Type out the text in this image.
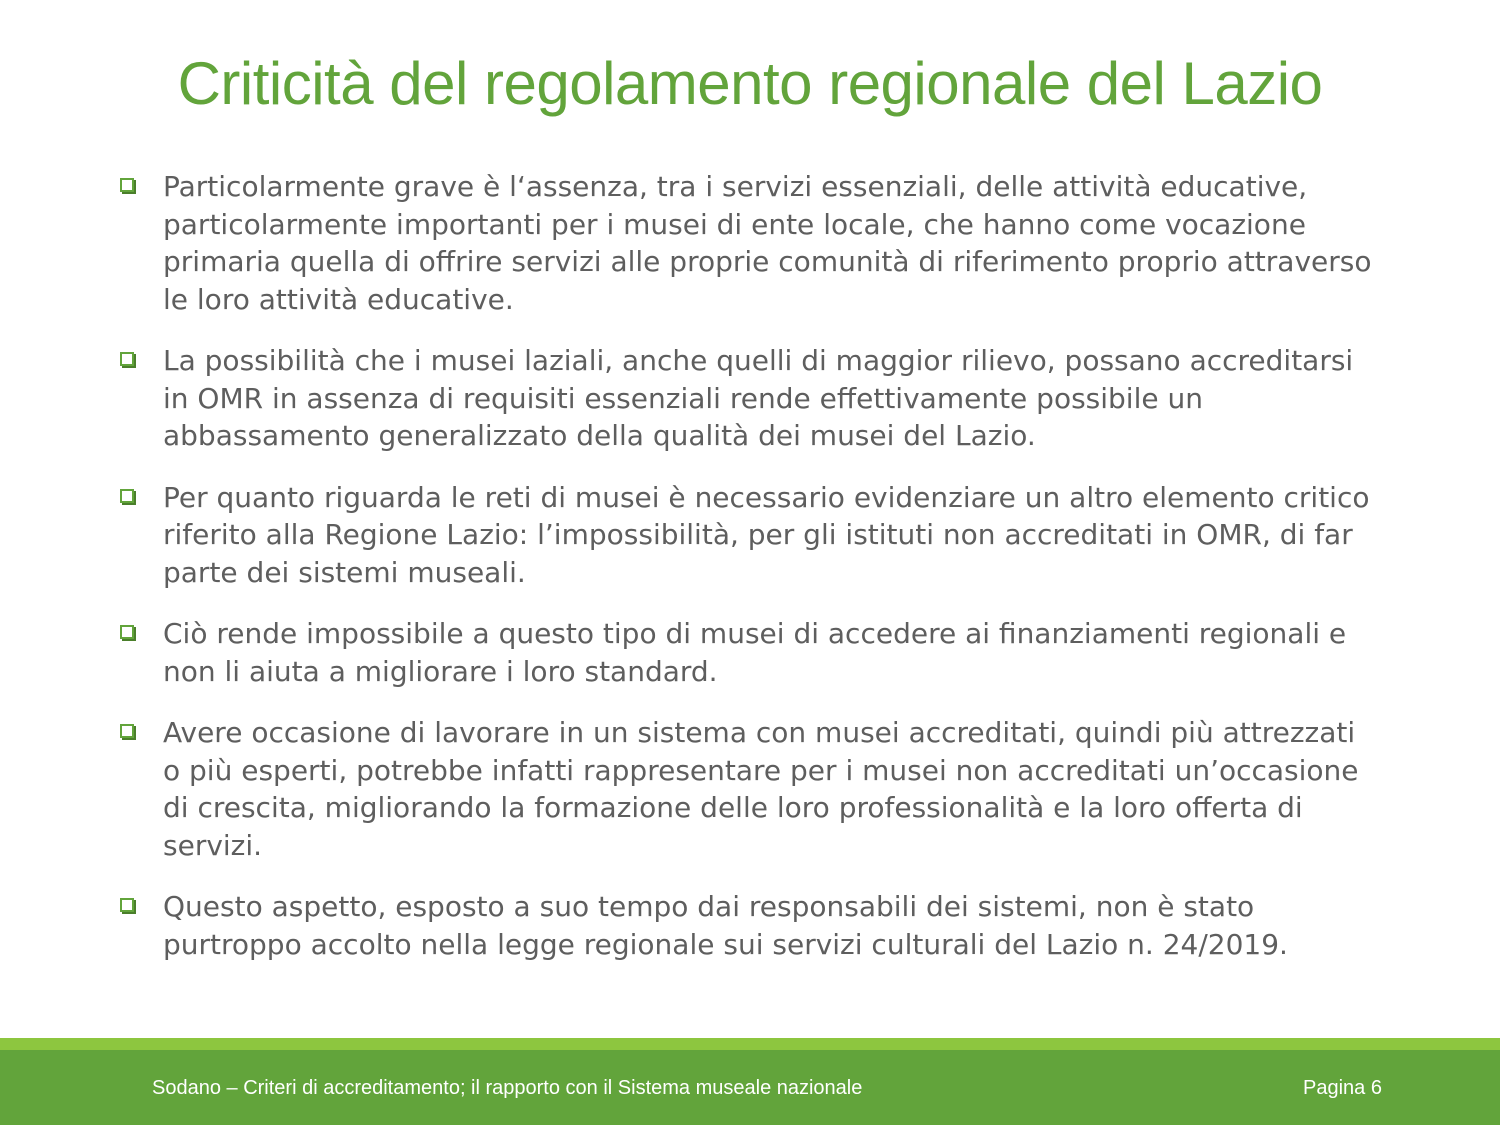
Criticità del regolamento regionale del Lazio
Particolarmente grave è l‘assenza, tra i servizi essenziali, delle attività educative, particolarmente importanti per i musei di ente locale, che hanno come vocazione primaria quella di offrire servizi alle proprie comunità di riferimento proprio attraverso le loro attività educative.
La possibilità che i musei laziali, anche quelli di maggior rilievo, possano accreditarsi in OMR in assenza di requisiti essenziali rende effettivamente possibile un abbassamento generalizzato della qualità dei musei del Lazio.
Per quanto riguarda le reti di musei è necessario evidenziare un altro elemento critico riferito alla Regione Lazio: l’impossibilità, per gli istituti non accreditati in OMR, di far parte dei sistemi museali.
Ciò rende impossibile a questo tipo di musei di accedere ai finanziamenti regionali e non li aiuta a migliorare i loro standard.
Avere occasione di lavorare in un sistema con musei accreditati, quindi più attrezzati o più esperti, potrebbe infatti rappresentare per i musei non accreditati un’occasione di crescita, migliorando la formazione delle loro professionalità e la loro offerta di servizi.
Questo aspetto, esposto a suo tempo dai responsabili dei sistemi, non è stato purtroppo accolto nella legge regionale sui servizi culturali del Lazio n. 24/2019.
Sodano – Criteri di accreditamento; il rapporto con il Sistema museale nazionale	Pagina 6
